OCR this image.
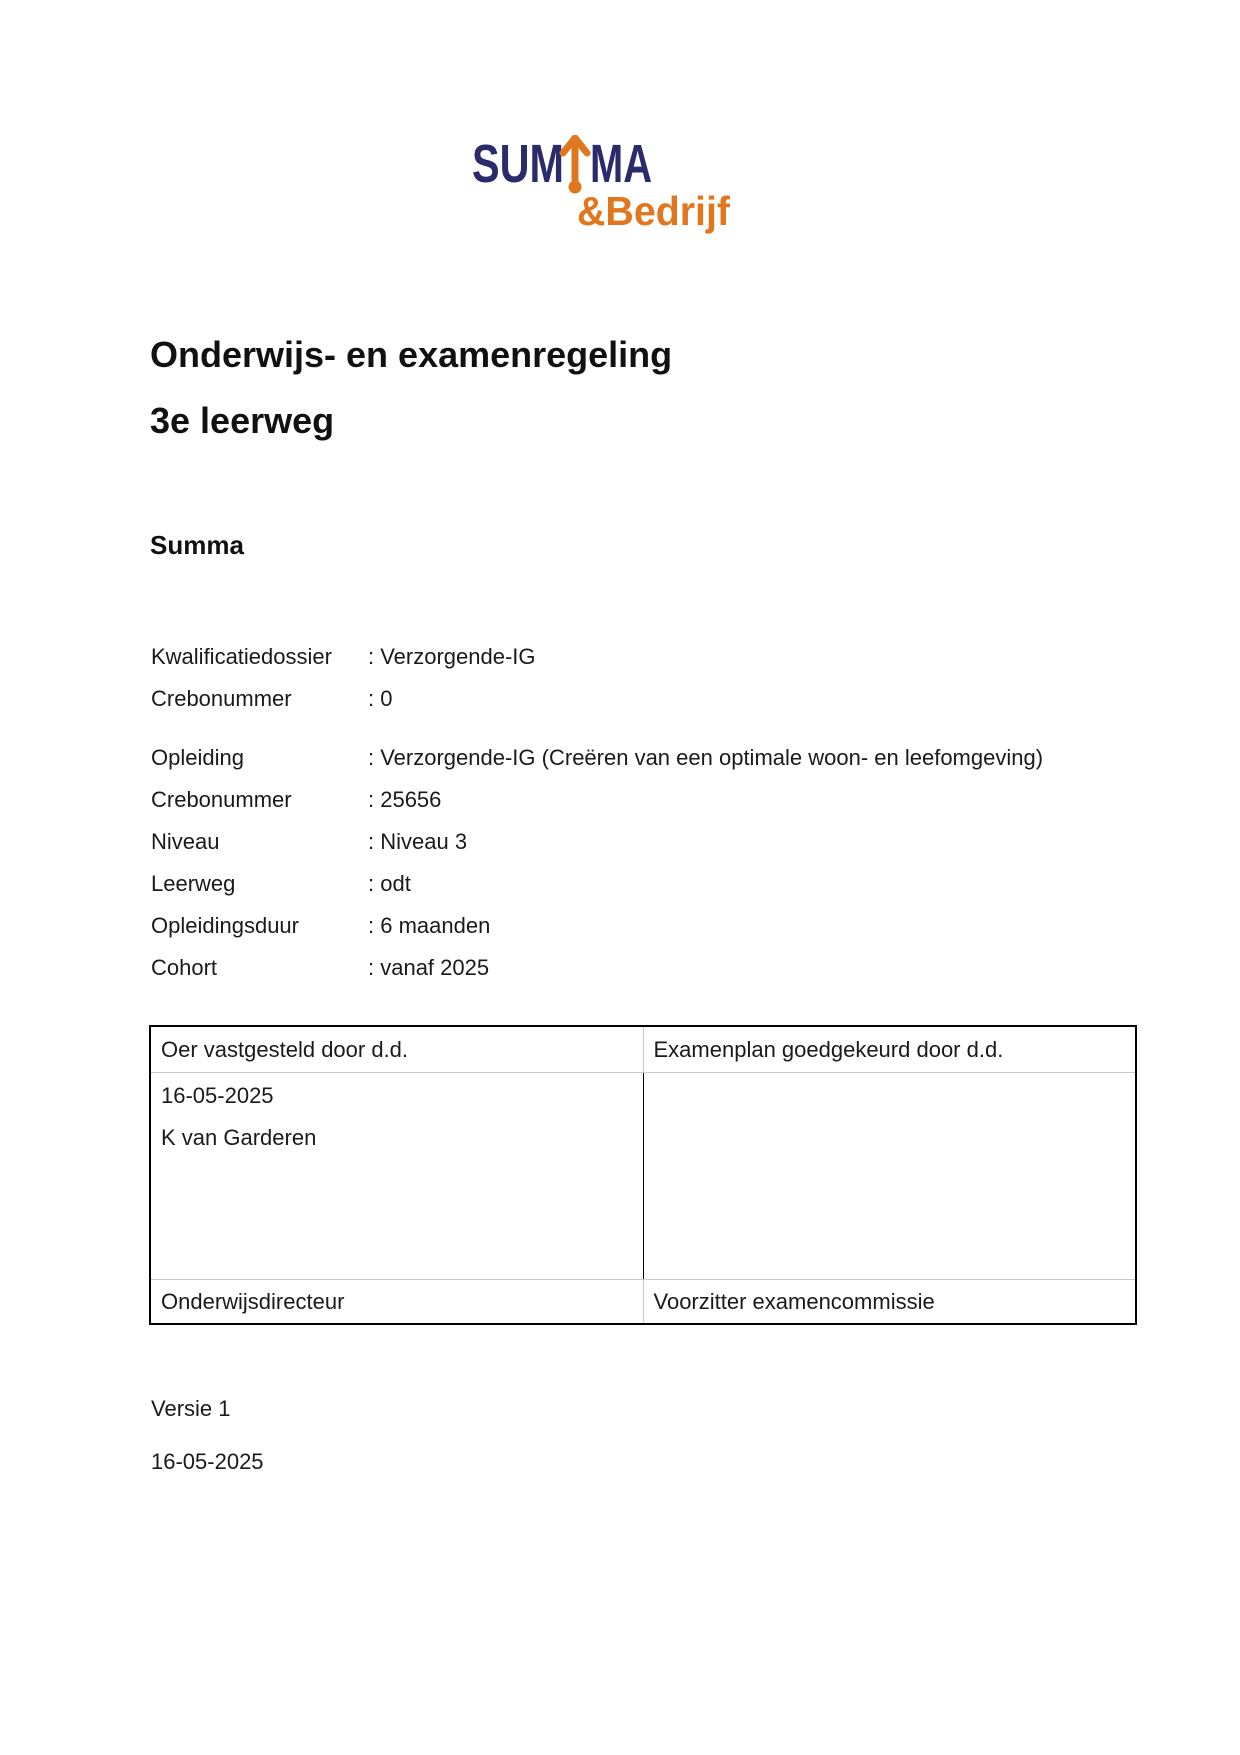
SUM MA
&Bedrijf
Onderwijs- en examenregeling
3e leerweg
Summa
Kwalificatiedossier	: Verzorgende-IG
Crebonummer	: 0
Opleiding	: Verzorgende-IG (Creëren van een optimale woon- en leefomgeving)
Crebonummer	: 25656
Niveau	: Niveau 3
Leerweg	: odt
Opleidingsduur	: 6 maanden
Cohort	: vanaf 2025
Oer vastgesteld door d.d.	Examenplan goedgekeurd door d.d.

16-05-2025
K van Garderen	

Onderwijsdirecteur	Voorzitter examencommissie
Versie 1
16-05-2025
